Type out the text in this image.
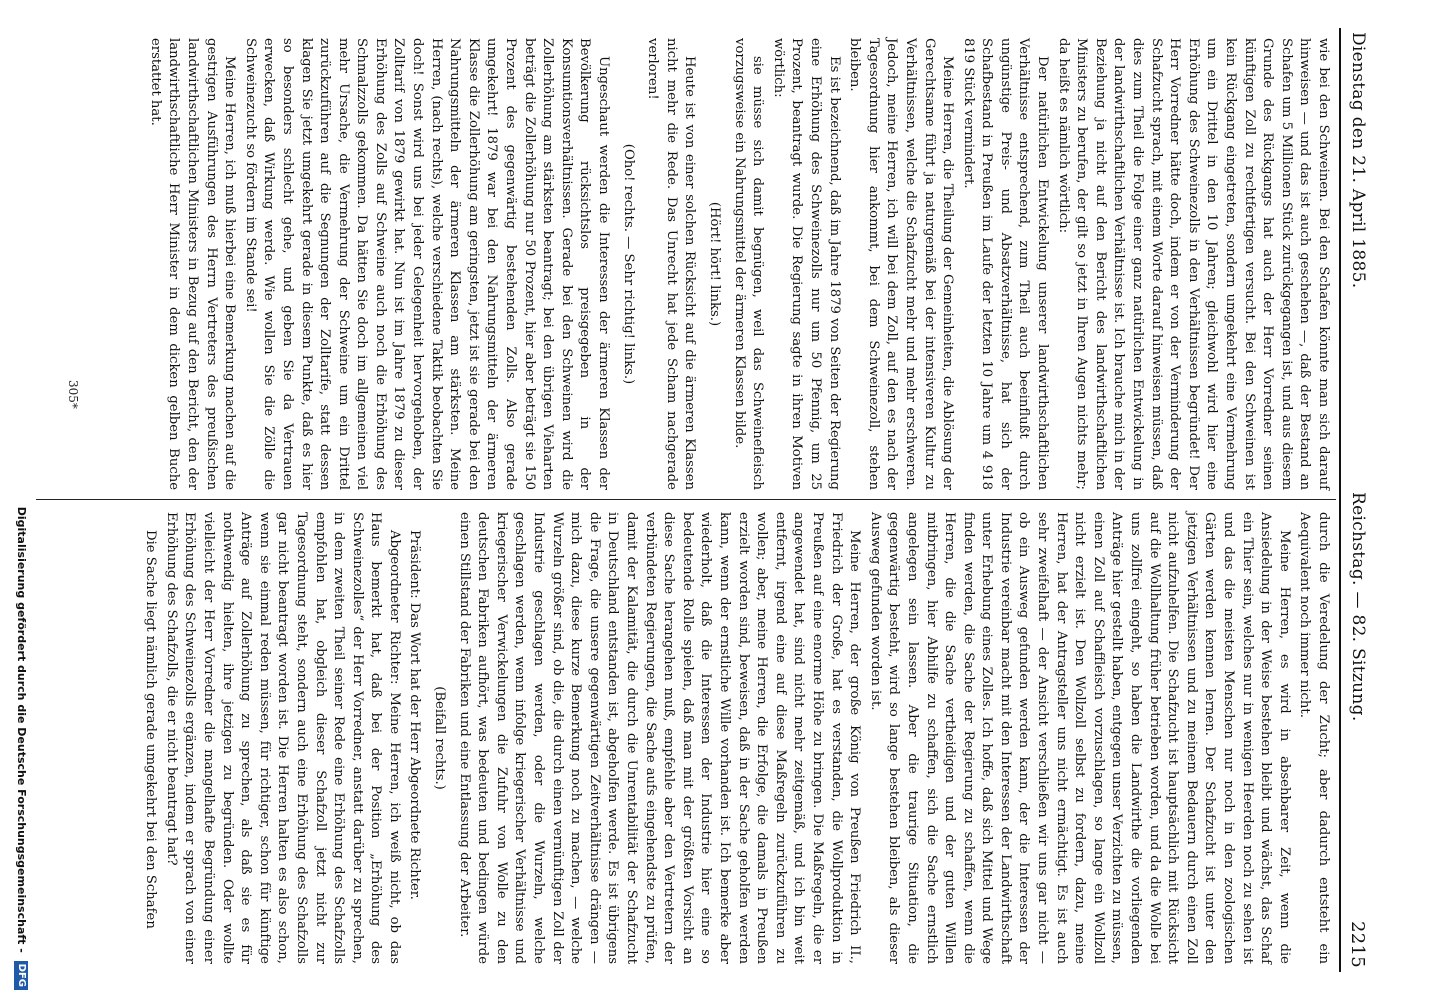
Dienstag den 21. April 1885.
Reichstag. — 82. Sitzung.
2215

wie bei den Schweinen. Bei den Schafen könnte man sich darauf hinweisen — und das ist auch geschehen —, daß der Bestand an Schafen um 5 Millionen Stück zurückgegangen ist, und aus diesem Grunde des Rückgangs hat auch der Herr Vorredner seinen künftigen Zoll zu rechtfertigen versucht. Bei den Schweinen ist kein Rückgang eingetreten, sondern umgekehrt eine Vermehrung um ein Drittel in den 10 Jahren; gleichwohl wird hier eine Erhöhung des Schweinezolls in den Verhältnissen begründet! Der Herr Vorredner hätte doch, indem er von der Verminderung der Schafzucht sprach, mit einem Worte darauf hinweisen müssen, daß dies zum Theil die Folge einer ganz natürlichen Entwickelung in der landwirthschaftlichen Verhältnisse ist. Ich brauche mich in der Beziehung ja nicht auf den Bericht des landwirthschaftlichen Ministers zu berufen, der gilt so jetzt in Ihren Augen nichts mehr; da heißt es nämlich wörtlich:

Der natürlichen Entwickelung unserer landwirthschaftlichen Verhältnisse entsprechend, zum Theil auch beeinflußt durch ungünstige Preis- und Absatzverhältnisse, hat sich der Schafbestand in Preußen im Laufe der letzten 10 Jahre um 4 918 819 Stück vermindert.

Meine Herren, die Theilung der Gemeinheiten, die Ablösung der Gerechtsame führt ja naturgemäß bei der intensiveren Kultur zu Verhältnissen, welche die Schafzucht mehr und mehr erschweren. Jedoch, meine Herren, ich will bei dem Zoll, auf den es nach der Tagesordnung hier ankommt, bei dem Schweinezoll, stehen bleiben.

Es ist bezeichnend, daß im Jahre 1879 von Seiten der Regierung eine Erhöhung des Schweinezolls nur um 50 Pfennig, um 25 Prozent, beantragt wurde. Die Regierung sagte in ihren Motiven wörtlich:

sie müsse sich damit begnügen, weil das Schweinefleisch vorzugsweise ein Nahrungsmittel der ärmeren Klassen bilde.

(Hört! hört! links.)

Heute ist von einer solchen Rücksicht auf die ärmeren Klassen nicht mehr die Rede. Das Unrecht hat jede Scham nachgerade verloren!

(Oho! rechts. — Sehr richtig! links.)

Ungeschaut werden die Interessen der ärmeren Klassen der Bevölkerung rücksichtslos preisgegeben in der Konsumtionsverhältnissen. Gerade bei den Schweinen wird die Zollerhöhung am stärksten beantragt; bei den übrigen Vieharten beträgt die Zollerhöhung nur 50 Prozent, hier aber beträgt sie 150 Prozent des gegenwärtig bestehenden Zolls. Also gerade umgekehrt! 1879 war bei den Nahrungsmitteln der ärmeren Klasse die Zollerhöhung am geringsten, jetzt ist sie gerade bei den Nahrungsmitteln der ärmeren Klassen am stärksten. Meine Herren, (nach rechts), welche verschiedene Taktik beobachten Sie doch! Sonst wird uns bei jeder Gelegenheit hervorgehoben, der Zolltarif von 1879 gewirkt hat. Nun ist im Jahre 1879 zu dieser Erhöhung des Zolls auf Schweine auch noch die Erhöhung des Schmalzzolls gekommen. Da hätten Sie doch im allgemeinen viel mehr Ursache, die Vermehrung der Schweine um ein Drittel zurückzuführen auf die Segnungen der Zolltarife, statt dessen klagen Sie jetzt umgekehrt gerade in diesem Punkte, daß es hier so besonders schlecht gehe, und geben Sie da Vertrauen erwecken, daß Wirkung werde. Wie wollen Sie die Zölle die Schweinezucht so fördern im Stande sei!

Meine Herren, ich muß hierbei eine Bemerkung machen auf die gestrigen Ausführungen des Herrn Vertreters des preußischen landwirthschaftlichen Ministers in Bezug auf den Bericht, den der landwirthschaftliche Herr Minister in dem dicken gelben Buche erstattet hat.

durch die Veredelung der Zucht; aber dadurch entsteht ein Aequivalent noch immer nicht.

Meine Herren, es wird in absehbarer Zeit, wenn die Ansiedelung in der Weise bestehen bleibt und wächst, das Schaf ein Thier sein, welches nur in wenigen Heerden noch zu sehen ist und das die meisten Menschen nur noch in den zoologischen Gärten werden kennen lernen. Der Schafzucht ist unter den jetzigen Verhältnissen und zu meinem Bedauern durch einen Zoll nicht aufzuhelfen. Die Schafzucht ist hauptsächlich mit Rücksicht auf die Wollhaltung früher betrieben worden, und da die Wolle bei uns zollfrei eingeht, so haben die Landwirthe die vorliegenden Anträge hier gestellt haben, entgegen unser Verzichten zu müssen, einen Zoll auf Schaffleisch vorzuschlagen, so lange ein Wollzoll nicht erzielt ist. Den Wollzoll selbst zu fordern, dazu, meine Herren, hat der Antragsteller uns nicht ermächtigt. Es ist auch sehr zweifelhaft — der Ansicht verschließen wir uns gar nicht — ob ein Ausweg gefunden werden kann, der die Interessen der Industrie vereinbar macht mit den Interessen der Landwirthschaft unter Erhebung eines Zolles. Ich hoffe, daß sich Mittel und Wege finden werden, die Sache der Regierung zu schaffen, wenn die Herren, die die Sache vertheidigen und der guten Willen mitbringen, hier Abhilfe zu schaffen, sich die Sache ernstlich angelegen sein lassen. Aber die traurige Situation, die gegenwärtig besteht, wird so lange bestehen bleiben, als dieser Ausweg gefunden worden ist.

Meine Herren, der große König von Preußen Friedrich II., Friedrich der Große, hat es verstanden, die Wollproduktion in Preußen auf eine enorme Höhe zu bringen. Die Maßregeln, die er angewendet hat, sind nicht mehr zeitgemäß, und ich bin weit entfernt, irgend eine auf diese Maßregeln zurückzuführen zu wollen; aber, meine Herren, die Erfolge, die damals in Preußen erzielt worden sind, beweisen, daß in der Sache geholfen werden kann, wenn der ernstliche Wille vorhanden ist. Ich bemerke aber wiederholt, daß die Interessen der Industrie hier eine so bedeutende Rolle spielen, daß man mit der größten Vorsicht an diese Sache herangehen muß, empfehle aber den Vertretern der verbündeten Regierungen, die Sache aufs eingehendste zu prüfen, damit der Kalamität, die durch die Unrentabilität der Schafzucht in Deutschland entstanden ist, abgeholfen werde. Es ist übrigens die Frage, die unsere gegenwärtigen Zeitverhältnisse drängen — mich dazu, diese kurze Bemerkung noch zu machen, — welche Wurzeln größer sind, ob die, die durch einen vernünftigen Zoll der Industrie geschlagen werden, oder die Wurzeln, welche geschlagen werden, wenn infolge kriegerischer Verhältnisse und kriegerischer Verwickelungen die Zufuhr von Wolle zu den deutschen Fabriken aufhört, was bedeuten und bedingen würde einen Stillstand der Fabriken und eine Entlassung der Arbeiter.

(Beifall rechts.)

Präsident: Das Wort hat der Herr Abgeordnete Richter.

Abgeordneter Richter: Meine Herren, ich weiß nicht, ob das Haus bemerkt hat, daß bei der Position „Erhöhung des Schweinezolles“ der Herr Vorredner, anstatt darüber zu sprechen, in dem zweiten Theil seiner Rede eine Erhöhung des Schafzolls empfohlen hat, obgleich dieser Schafzoll jetzt nicht zur Tagesordnung steht, sondern auch eine Erhöhung des Schafzolls gar nicht beantragt worden ist. Die Herren halten es also schon, wenn sie einmal reden müssen, für richtiger, schon für künftige Anträge auf Zollerhöhung zu sprechen, als daß sie es für nothwendig hielten, ihre jetzigen zu begründen. Oder wollte vielleicht der Herr Vorredner die mangelhafte Begründung einer Erhöhung des Schweinezolls ergänzen, indem er sprach von einer Erhöhung des Schafzolls, die er nicht beantragt hat?

Die Sache liegt nämlich gerade umgekehrt bei den Schafen

305*
Digitalisierung gefördert durch die Deutsche Forschungsgemeinschaft - DFG
